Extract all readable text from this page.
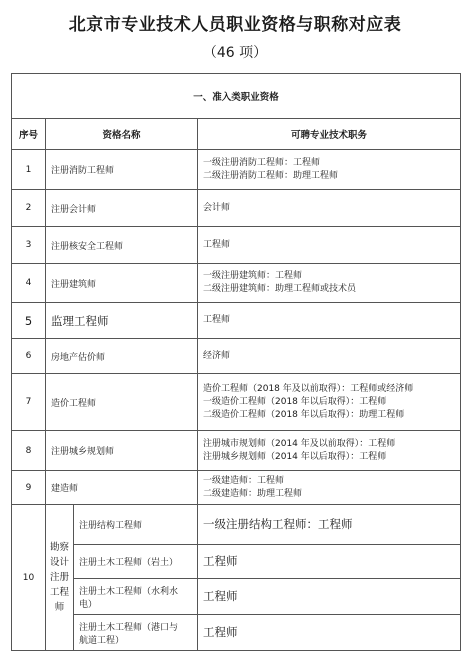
北京市专业技术人员职业资格与职称对应表
（46 项）
一、准入类职业资格			
序号	资格名称		可聘专业技术职务
1	注册消防工程师		一级注册消防工程师：工程师
二级注册消防工程师：助理工程师

2	注册会计师		会计师

3	注册核安全工程师		工程师

4	注册建筑师		一级注册建筑师：工程师
二级注册建筑师：助理工程师或技术员

5	监理工程师		工程师

6	房地产估价师		经济师

7	造价工程师		造价工程师（2018 年及以前取得）：工程师或经济师
一级造价工程师（2018 年以后取得）：工程师
二级造价工程师（2018 年以后取得）：助理工程师

8	注册城乡规划师		注册城市规划师（2014 年及以前取得）：工程师
注册城乡规划师（2014 年以后取得）：工程师

9	建造师		一级建造师：工程师
二级建造师：助理工程师

10	勘察
设计
注册
工程
师	注册结构工程师	一级注册结构工程师：工程师

		注册土木工程师（岩土）	工程师

		注册土木工程师（水利水
电）	工程师

		注册土木工程师（港口与
航道工程）	工程师
